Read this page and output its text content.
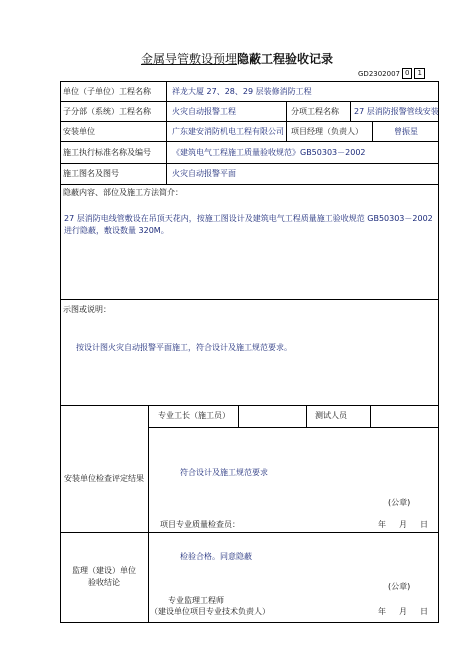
金属导管敷设预埋隐蔽工程验收记录
GD2302007 0	1
单位（子单位）工程名称	祥龙大厦 27、28、29 层装修消防工程
子分部（系统）工程名称	火灾自动报警工程	分项工程名称 27 层消防报警管线安装
安装单位	广东建安消防机电工程有限公司 项目经理（负责人）	曾振星
施工执行标准名称及编号	《建筑电气工程施工质量验收规范》GB50303－2002
施工图名及图号	火灾自动报警平面
隐蔽内容、部位及施工方法简介：
27 层消防电线管敷设在吊顶天花内，按施工图设计及建筑电气工程质量施工验收规范 GB50303－2002进行隐蔽，敷设数量 320M。
示图或说明：
按设计图火灾自动报警平面施工，符合设计及施工规范要求。
安装单位检查评定结果
专业工长（施工员）	测试人员
符合设计及施工规范要求
(公章)
项目专业质量检查员：	年 月 日
监理（建设）单位
验收结论
检验合格。同意隐蔽
(公章)
专业监理工程师
（建设单位项目专业技术负责人）	年 月 日
